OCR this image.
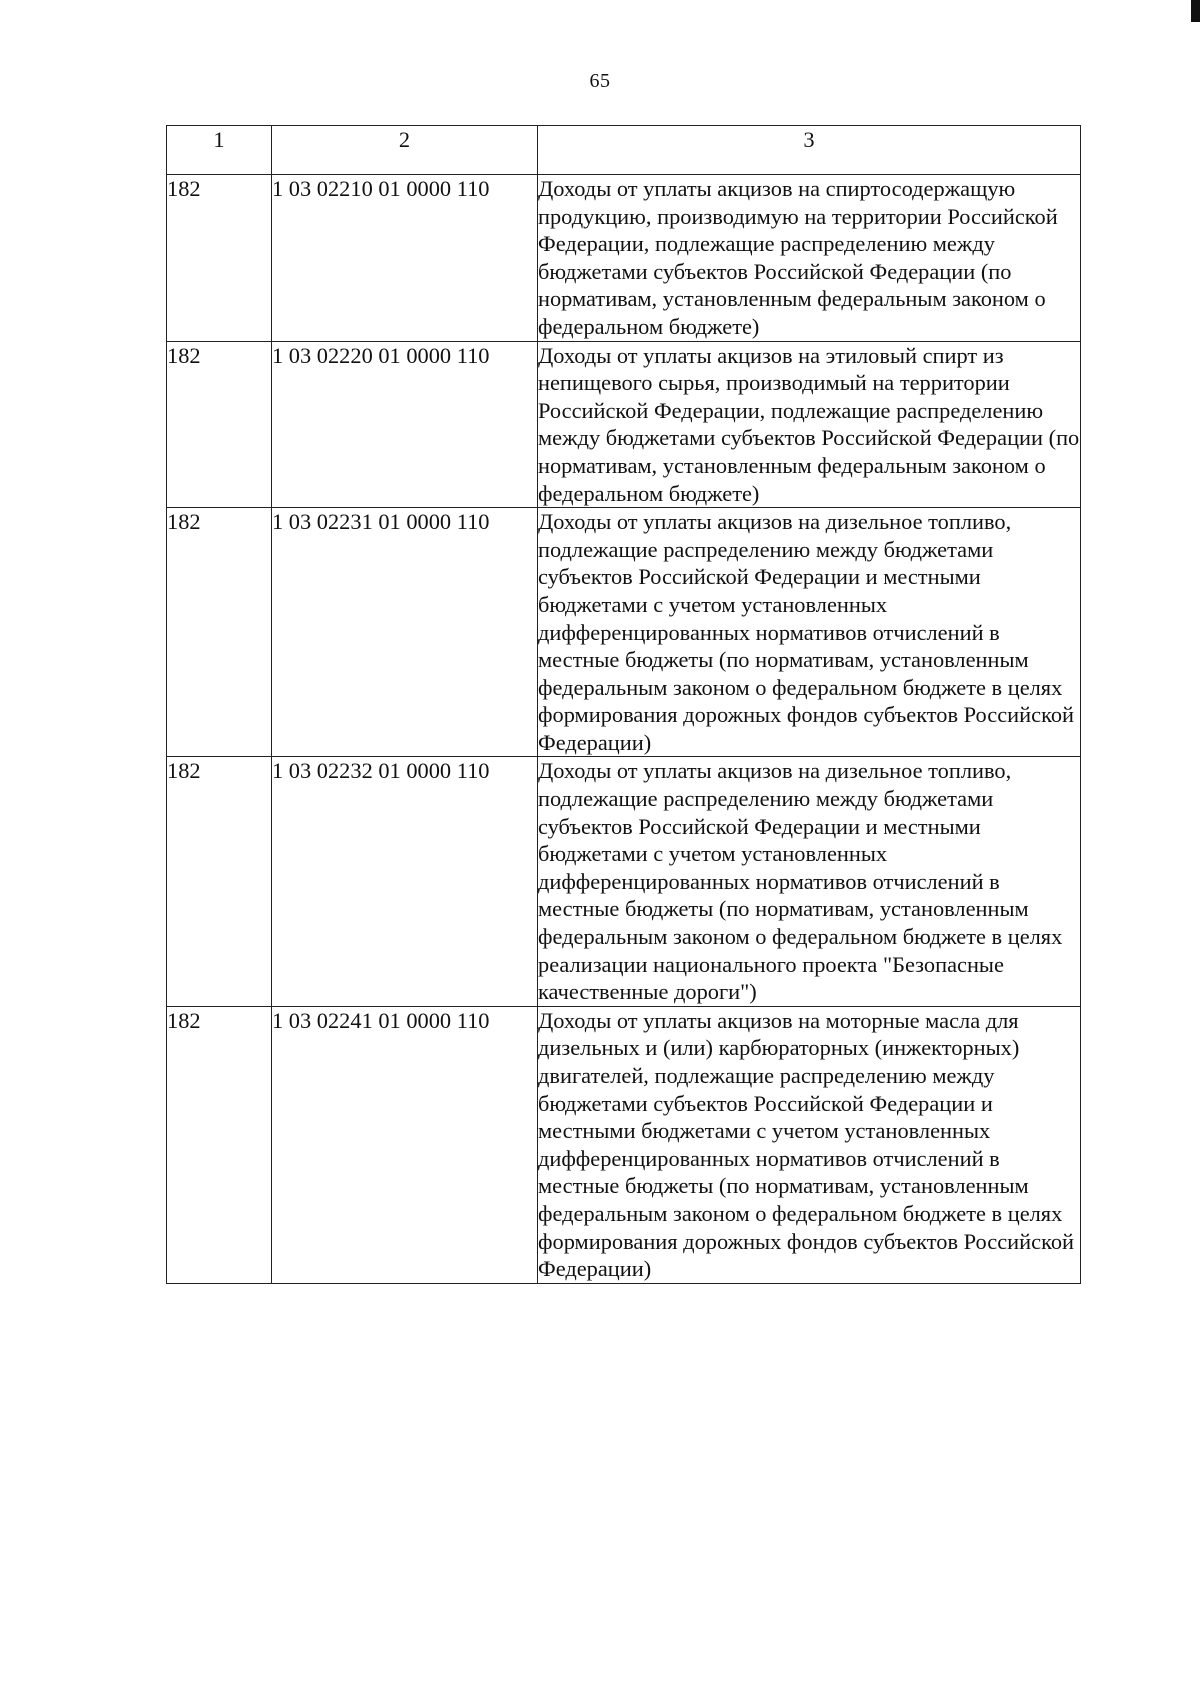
65
1	2	3
182	1 03 02210 01 0000 110	Доходы от уплаты акцизов на спиртосодержащую продукцию, производимую на территории Российской Федерации, подлежащие распределению между бюджетами субъектов Российской Федерации (по нормативам, установленным федеральным законом о федеральном бюджете)
182	1 03 02220 01 0000 110	Доходы от уплаты акцизов на этиловый спирт из непищевого сырья, производимый на территории Российской Федерации, подлежащие распределению между бюджетами субъектов Российской Федерации (по нормативам, установленным федеральным законом о федеральном бюджете)
182	1 03 02231 01 0000 110	Доходы от уплаты акцизов на дизельное топливо, подлежащие распределению между бюджетами субъектов Российской Федерации и местными бюджетами с учетом установленных дифференцированных нормативов отчислений в местные бюджеты (по нормативам, установленным федеральным законом о федеральном бюджете в целях формирования дорожных фондов субъектов Российской Федерации)
182	1 03 02232 01 0000 110	Доходы от уплаты акцизов на дизельное топливо, подлежащие распределению между бюджетами субъектов Российской Федерации и местными бюджетами с учетом установленных дифференцированных нормативов отчислений в местные бюджеты (по нормативам, установленным федеральным законом о федеральном бюджете в целях реализации национального проекта "Безопасные качественные дороги")
182	1 03 02241 01 0000 110	Доходы от уплаты акцизов на моторные масла для дизельных и (или) карбюраторных (инжекторных) двигателей, подлежащие распределению между бюджетами субъектов Российской Федерации и местными бюджетами с учетом установленных дифференцированных нормативов отчислений в местные бюджеты (по нормативам, установленным федеральным законом о федеральном бюджете в целях формирования дорожных фондов субъектов Российской Федерации)
